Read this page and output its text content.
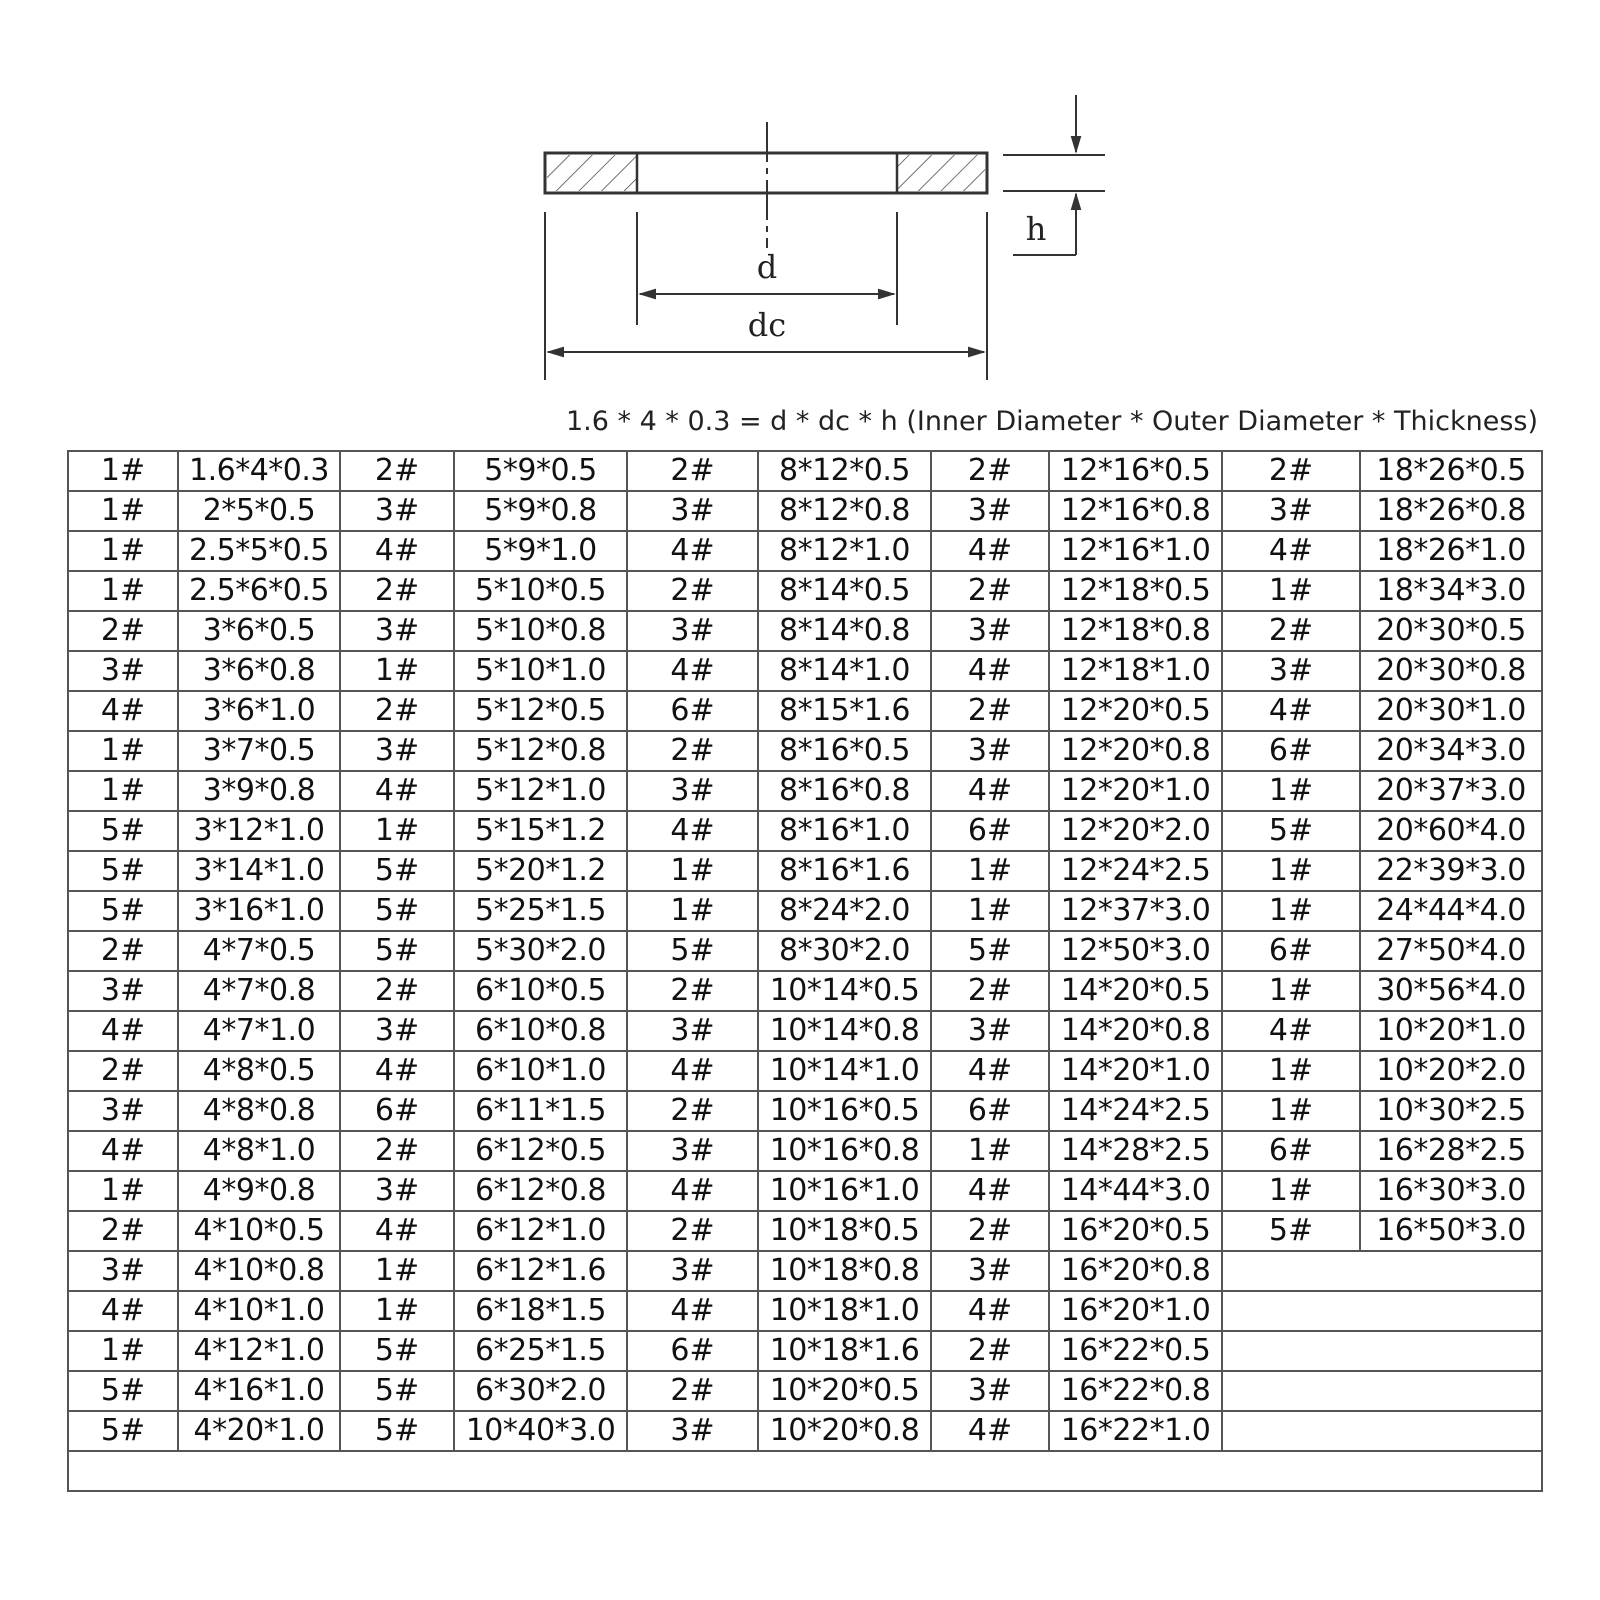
d
dc
h
1.6 * 4 * 0.3 = d * dc * h (Inner Diameter * Outer Diameter * Thickness)
1#	1.6*4*0.3	2#	5*9*0.5	2#	8*12*0.5	2#	12*16*0.5	2#	18*26*0.5
1#	2*5*0.5	3#	5*9*0.8	3#	8*12*0.8	3#	12*16*0.8	3#	18*26*0.8
1#	2.5*5*0.5	4#	5*9*1.0	4#	8*12*1.0	4#	12*16*1.0	4#	18*26*1.0
1#	2.5*6*0.5	2#	5*10*0.5	2#	8*14*0.5	2#	12*18*0.5	1#	18*34*3.0
2#	3*6*0.5	3#	5*10*0.8	3#	8*14*0.8	3#	12*18*0.8	2#	20*30*0.5
3#	3*6*0.8	1#	5*10*1.0	4#	8*14*1.0	4#	12*18*1.0	3#	20*30*0.8
4#	3*6*1.0	2#	5*12*0.5	6#	8*15*1.6	2#	12*20*0.5	4#	20*30*1.0
1#	3*7*0.5	3#	5*12*0.8	2#	8*16*0.5	3#	12*20*0.8	6#	20*34*3.0
1#	3*9*0.8	4#	5*12*1.0	3#	8*16*0.8	4#	12*20*1.0	1#	20*37*3.0
5#	3*12*1.0	1#	5*15*1.2	4#	8*16*1.0	6#	12*20*2.0	5#	20*60*4.0
5#	3*14*1.0	5#	5*20*1.2	1#	8*16*1.6	1#	12*24*2.5	1#	22*39*3.0
5#	3*16*1.0	5#	5*25*1.5	1#	8*24*2.0	1#	12*37*3.0	1#	24*44*4.0
2#	4*7*0.5	5#	5*30*2.0	5#	8*30*2.0	5#	12*50*3.0	6#	27*50*4.0
3#	4*7*0.8	2#	6*10*0.5	2#	10*14*0.5	2#	14*20*0.5	1#	30*56*4.0
4#	4*7*1.0	3#	6*10*0.8	3#	10*14*0.8	3#	14*20*0.8	4#	10*20*1.0
2#	4*8*0.5	4#	6*10*1.0	4#	10*14*1.0	4#	14*20*1.0	1#	10*20*2.0
3#	4*8*0.8	6#	6*11*1.5	2#	10*16*0.5	6#	14*24*2.5	1#	10*30*2.5
4#	4*8*1.0	2#	6*12*0.5	3#	10*16*0.8	1#	14*28*2.5	6#	16*28*2.5
1#	4*9*0.8	3#	6*12*0.8	4#	10*16*1.0	4#	14*44*3.0	1#	16*30*3.0
2#	4*10*0.5	4#	6*12*1.0	2#	10*18*0.5	2#	16*20*0.5	5#	16*50*3.0
3#	4*10*0.8	1#	6*12*1.6	3#	10*18*0.8	3#	16*20*0.8		
4#	4*10*1.0	1#	6*18*1.5	4#	10*18*1.0	4#	16*20*1.0		
1#	4*12*1.0	5#	6*25*1.5	6#	10*18*1.6	2#	16*22*0.5		
5#	4*16*1.0	5#	6*30*2.0	2#	10*20*0.5	3#	16*22*0.8		
5#	4*20*1.0	5#	10*40*3.0	3#	10*20*0.8	4#	16*22*1.0		
